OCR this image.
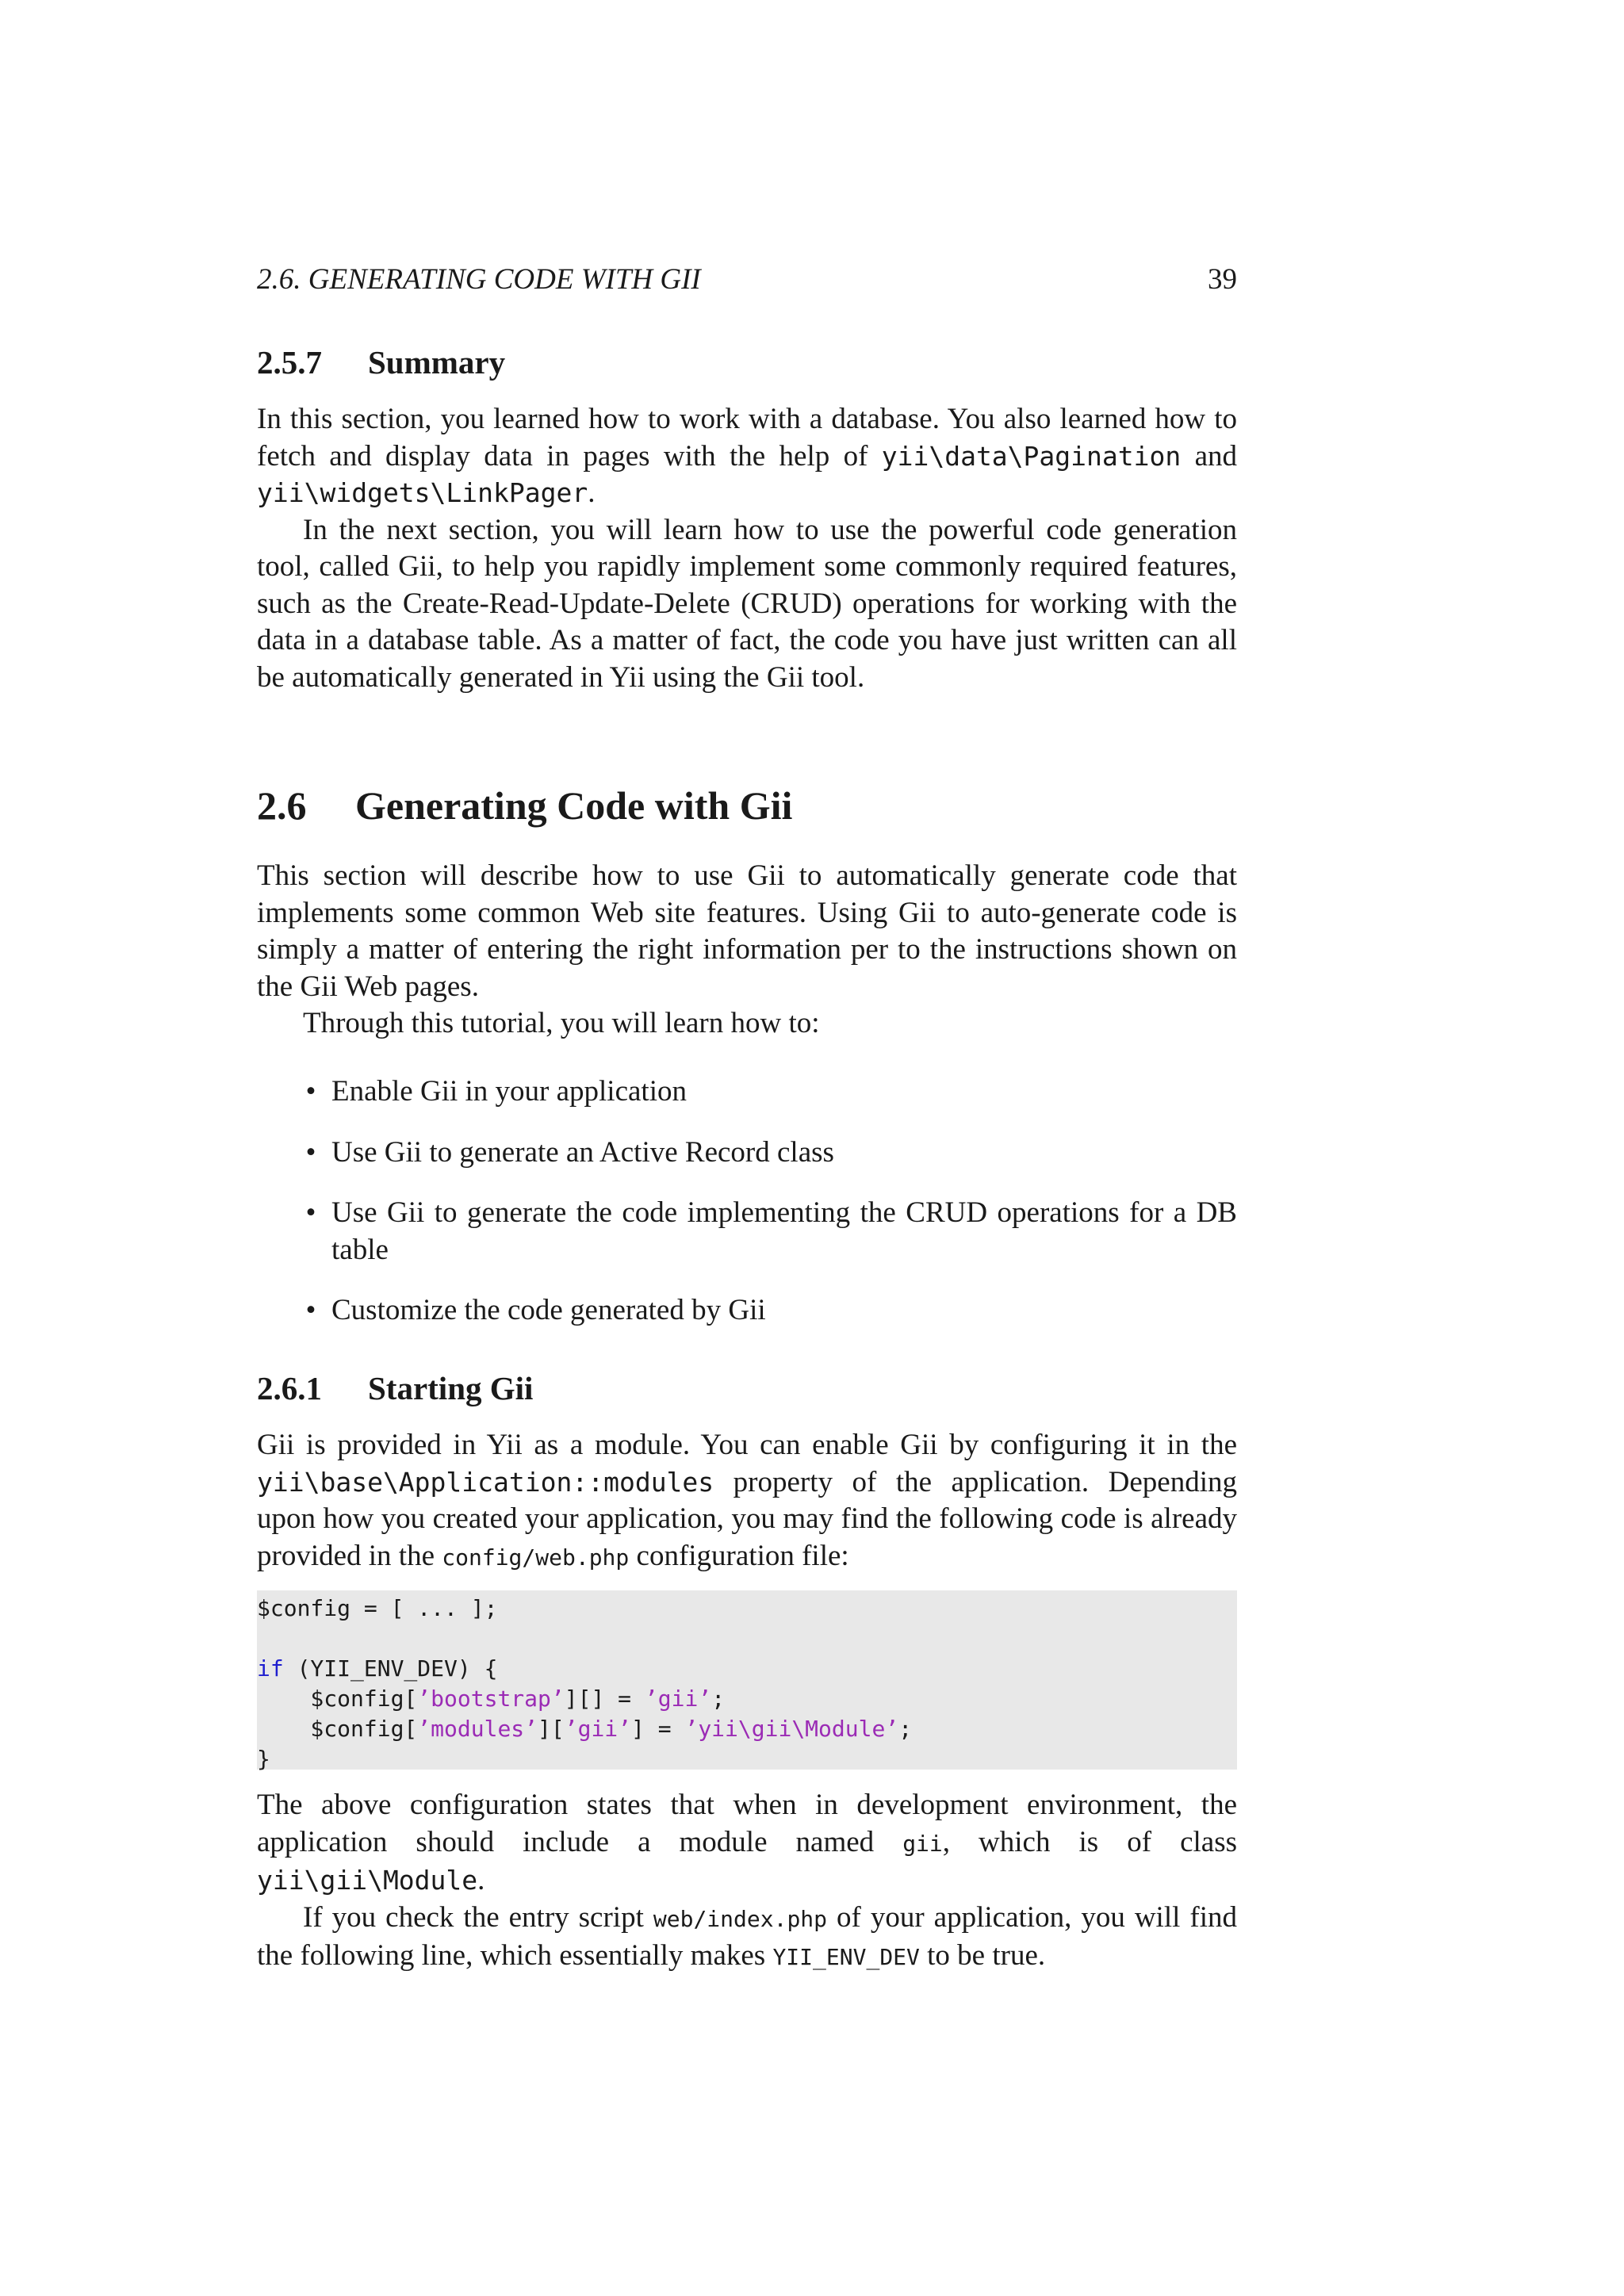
2.6. GENERATING CODE WITH GII	39
2.5.7 Summary

In this section, you learned how to work with a database. You also learned how to fetch and display data in pages with the help of yii\data\Pagination and yii\widgets\LinkPager.

In the next section, you will learn how to use the powerful code generation tool, called Gii, to help you rapidly implement some commonly required features, such as the Create-Read-Update-Delete (CRUD) operations for working with the data in a database table. As a matter of fact, the code you have just written can all be automatically generated in Yii using the Gii tool.

2.6 Generating Code with Gii

This section will describe how to use Gii to automatically generate code that implements some common Web site features. Using Gii to auto-generate code is simply a matter of entering the right information per to the instructions shown on the Gii Web pages.

Through this tutorial, you will learn how to:

• Enable Gii in your application
• Use Gii to generate an Active Record class
• Use Gii to generate the code implementing the CRUD operations for a DB table
• Customize the code generated by Gii
2.6.1 Starting Gii

Gii is provided in Yii as a module. You can enable Gii by configuring it in the yii\base\Application::modules property of the application. Depending upon how you created your application, you may find the following code is already provided in the config/web.php configuration file:

$config = [ ... ];

if (YII_ENV_DEV) {
$config[’bootstrap’][] = ’gii’;
$config[’modules’][’gii’] = ’yii\gii\Module’;
}

The above configuration states that when in development environment, the application should include a module named gii, which is of class yii\gii\Module.

If you check the entry script web/index.php of your application, you will find the following line, which essentially makes YII_ENV_DEV to be true.
